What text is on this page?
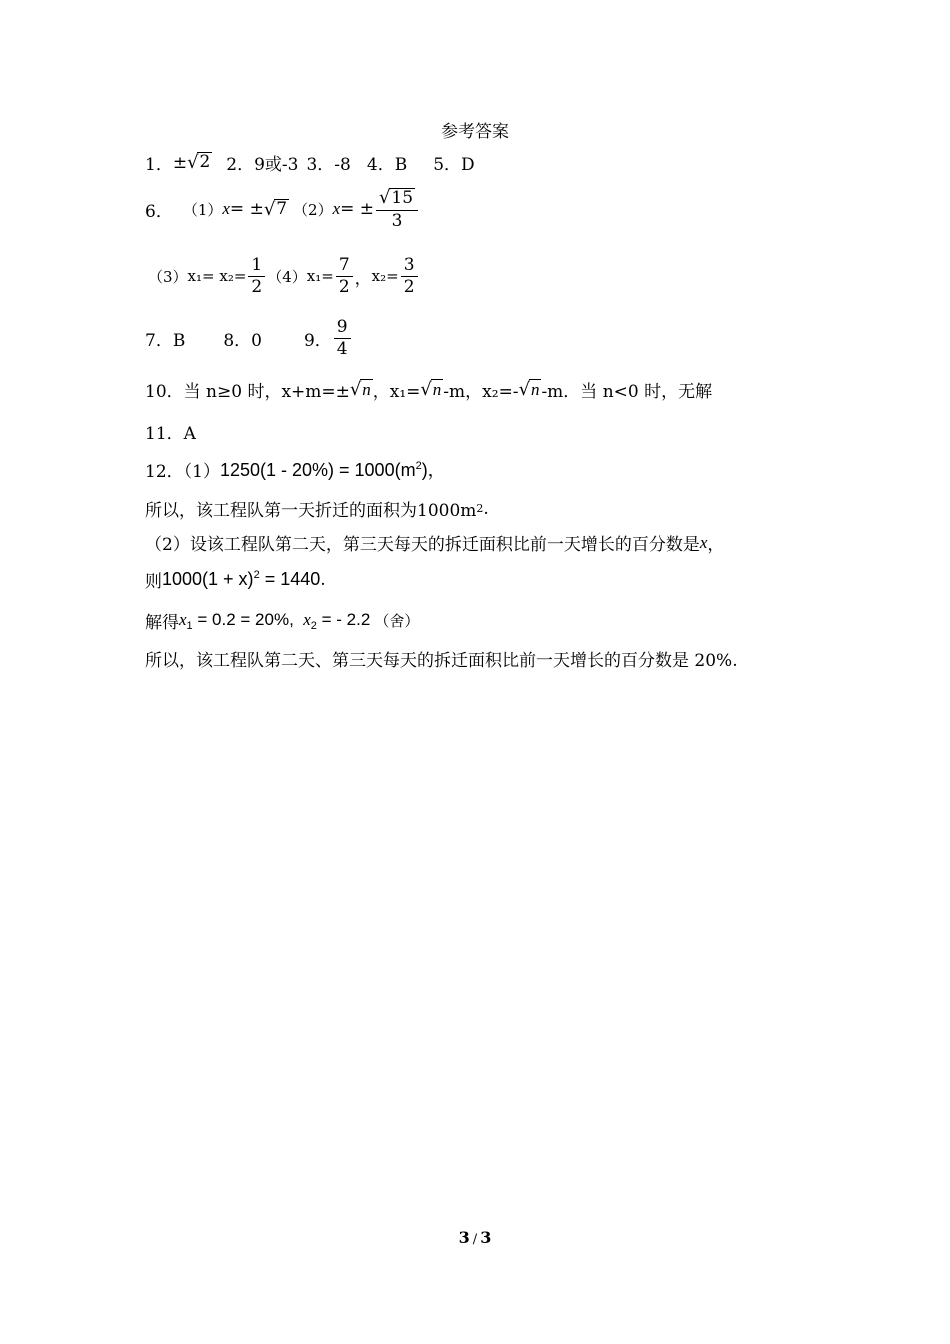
参考答案
1． ± √ 2 2．9或-3 3．-8 4．B 5．D
6． （1） x = ± √ 7 （2） x = ± $\frac{√ 15}{3}$
（3） $x_1= x_2= \frac{1}{2} (4)$ $x_1= \frac{7}{2}$ ， $x_2= \frac{3}{2}$
7．B 8．0 9． $\frac{9}{4}$
10．当 n≥0 时，x+m=± √ n ，x₁= √ n -m，x₂=- √ n -m．当 n<0 时，无解
11．A
12．（1） $1250(1 - 20\%) = 1000(m^2)$，
所以，该工程队第一天折迁的面积为1000m 2 .
（2）设该工程队第二天，第三天每天的拆迁面积比前一天增长的百分数是 x ，
则 $1000(1 + x)^2 = 1440$ .
解得 $x_1 = 0.2 = 20\%$,  $x_2$ = - 2.2 （舍）
所以，该工程队第二天、第三天每天的拆迁面积比前一天增长的百分数是 20%.
3 / 3
